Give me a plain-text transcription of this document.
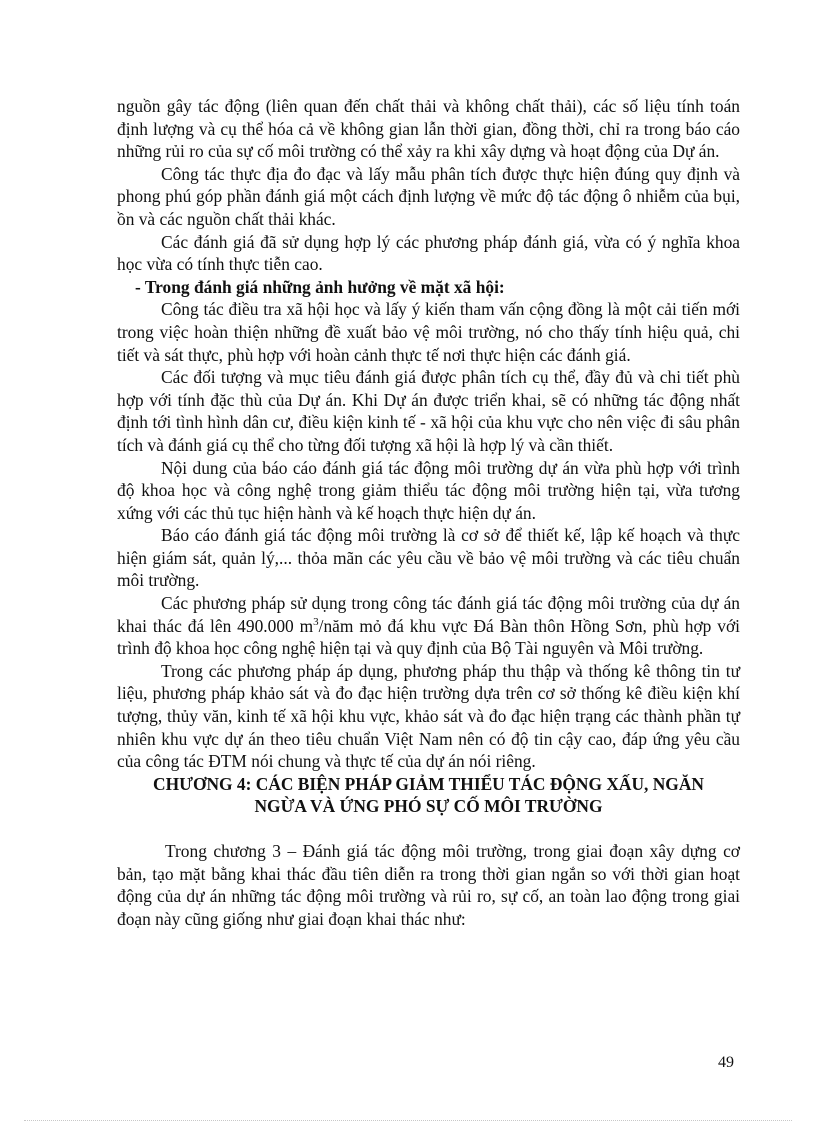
nguồn gây tác động (liên quan đến chất thải và không chất thải), các số liệu tính toán định lượng và cụ thể hóa cả về không gian lẫn thời gian, đồng thời, chỉ ra trong báo cáo những rủi ro của sự cố môi trường có thể xảy ra khi xây dựng và hoạt động của Dự án.

Công tác thực địa đo đạc và lấy mẫu phân tích được thực hiện đúng quy định và phong phú góp phần đánh giá một cách định lượng về mức độ tác động ô nhiễm của bụi, ồn và các nguồn chất thải khác.

Các đánh giá đã sử dụng hợp lý các phương pháp đánh giá, vừa có ý nghĩa khoa học vừa có tính thực tiễn cao.

- Trong đánh giá những ảnh hưởng về mặt xã hội:

Công tác điều tra xã hội học và lấy ý kiến tham vấn cộng đồng là một cải tiến mới trong việc hoàn thiện những đề xuất bảo vệ môi trường, nó cho thấy tính hiệu quả, chi tiết và sát thực, phù hợp với hoàn cảnh thực tế nơi thực hiện các đánh giá.

Các đối tượng và mục tiêu đánh giá được phân tích cụ thể, đầy đủ và chi tiết phù hợp với tính đặc thù của Dự án. Khi Dự án được triển khai, sẽ có những tác động nhất định tới tình hình dân cư, điều kiện kinh tế - xã hội của khu vực cho nên việc đi sâu phân tích và đánh giá cụ thể cho từng đối tượng xã hội là hợp lý và cần thiết.

Nội dung của báo cáo đánh giá tác động môi trường dự án vừa phù hợp với trình độ khoa học và công nghệ trong giảm thiểu tác động môi trường hiện tại, vừa tương xứng với các thủ tục hiện hành và kế hoạch thực hiện dự án.

Báo cáo đánh giá tác động môi trường là cơ sở để thiết kế, lập kế hoạch và thực hiện giám sát, quản lý,... thỏa mãn các yêu cầu về bảo vệ môi trường và các tiêu chuẩn môi trường.

Các phương pháp sử dụng trong công tác đánh giá tác động môi trường của dự án khai thác đá lên 490.000 $m^3$/năm mỏ đá khu vực Đá Bàn thôn Hồng Sơn, phù hợp với trình độ khoa học công nghệ hiện tại và quy định của Bộ Tài nguyên và Môi trường.

Trong các phương pháp áp dụng, phương pháp thu thập và thống kê thông tin tư liệu, phương pháp khảo sát và đo đạc hiện trường dựa trên cơ sở thống kê điều kiện khí tượng, thủy văn, kinh tế xã hội khu vực, khảo sát và đo đạc hiện trạng các thành phần tự nhiên khu vực dự án theo tiêu chuẩn Việt Nam nên có độ tin cậy cao, đáp ứng yêu cầu của công tác ĐTM nói chung và thực tế của dự án nói riêng.

CHƯƠNG 4: CÁC BIỆN PHÁP GIẢM THIỂU TÁC ĐỘNG XẤU, NGĂN
NGỪA VÀ ỨNG PHÓ SỰ CỐ MÔI TRƯỜNG

Trong chương 3 – Đánh giá tác động môi trường, trong giai đoạn xây dựng cơ bản, tạo mặt bằng khai thác đầu tiên diễn ra trong thời gian ngắn so với thời gian hoạt động của dự án những tác động môi trường và rủi ro, sự cố, an toàn lao động trong giai đoạn này cũng giống như giai đoạn khai thác như:

49
